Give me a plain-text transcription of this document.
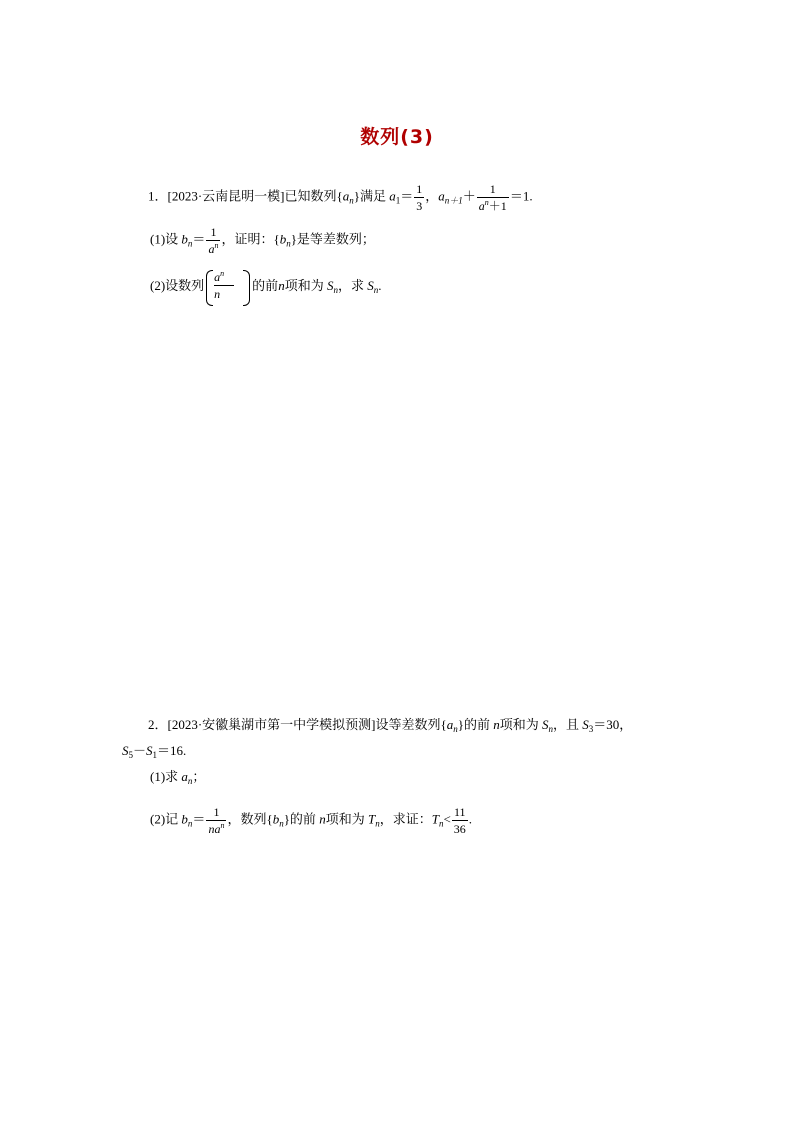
数列(3)
1．[2023·云南昆明一模]已知数列$\{a_n\}$满足 $a_1= \frac{1}{3}$ ，$a_{n+1}+ \frac{1}{a^n+1} =1$.
(1)设 $b_n= \frac{1}{a^n}$ ，证明：$\{b_n\}$是等差数列；
(2)设数列 $\frac{a^n}{n}$ 的前n项和为 $S_n$，求 $S_n$.
2．[2023·安徽巢湖市第一中学模拟预测]设等差数列$\{a_n\}$的前 n项和为 $S_n$，且 $S_3=30$，
$S_5-S_1=16$.
(1)求 $a_n$；
(2)记 $b_n= \frac{1}{na^n}$ ，数列$\{b_n\}$的前 n项和为 $T_n$，求证：$T_n< \frac{11}{36}$ .
